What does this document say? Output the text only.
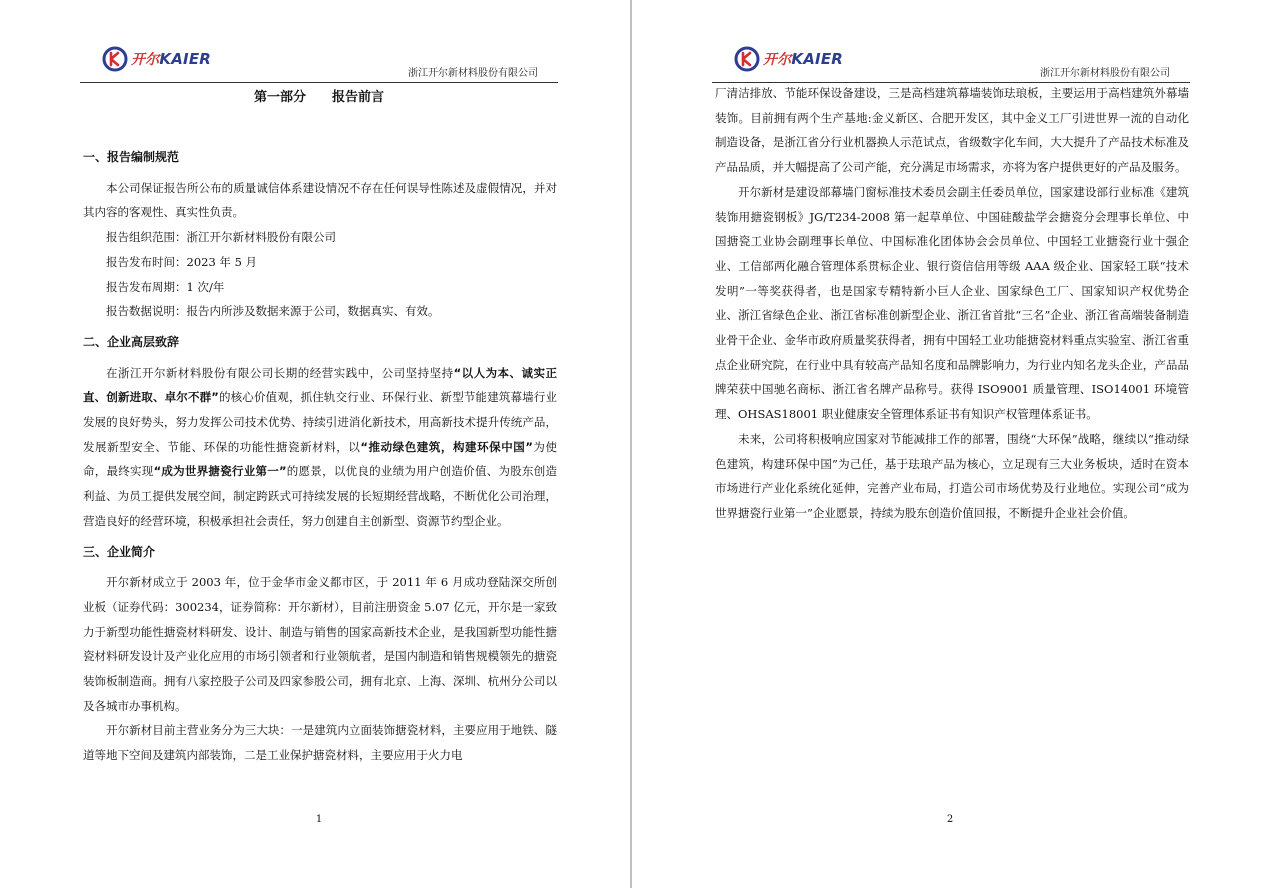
开尔KAIER
浙江开尔新材料股份有限公司
第一部分　　报告前言
一、报告编制规范

本公司保证报告所公布的质量诚信体系建设情况不存在任何误导性陈述及虚假情况，并对其内容的客观性、真实性负责。

报告组织范围：浙江开尔新材料股份有限公司

报告发布时间：2023 年 5 月

报告发布周期：1 次/年

报告数据说明：报告内所涉及数据来源于公司，数据真实、有效。

二、企业高层致辞

在浙江开尔新材料股份有限公司长期的经营实践中，公司坚持坚持“以人为本、诚实正直、创新进取、卓尔不群”的核心价值观，抓住轨交行业、环保行业、新型节能建筑幕墙行业发展的良好势头，努力发挥公司技术优势、持续引进消化新技术，用高新技术提升传统产品，发展新型安全、节能、环保的功能性搪瓷新材料，以“推动绿色建筑，构建环保中国”为使命，最终实现“成为世界搪瓷行业第一”的愿景，以优良的业绩为用户创造价值、为股东创造利益、为员工提供发展空间，制定跨跃式可持续发展的长短期经营战略，不断优化公司治理，营造良好的经营环境，积极承担社会责任，努力创建自主创新型、资源节约型企业。

三、企业简介

开尔新材成立于 2003 年，位于金华市金义都市区，于 2011 年 6 月成功登陆深交所创业板（证券代码：300234，证券简称：开尔新材），目前注册资金 5.07 亿元，开尔是一家致力于新型功能性搪瓷材料研发、设计、制造与销售的国家高新技术企业，是我国新型功能性搪瓷材料研发设计及产业化应用的市场引领者和行业领航者，是国内制造和销售规模领先的搪瓷装饰板制造商。拥有八家控股子公司及四家参股公司，拥有北京、上海、深圳、杭州分公司以及各城市办事机构。

开尔新材目前主营业务分为三大块：一是建筑内立面装饰搪瓷材料，主要应用于地铁、隧道等地下空间及建筑内部装饰，二是工业保护搪瓷材料，主要应用于火力电

1
开尔KAIER
浙江开尔新材料股份有限公司

厂清洁排放、节能环保设备建设，三是高档建筑幕墙装饰珐琅板，主要运用于高档建筑外幕墙装饰。目前拥有两个生产基地:金义新区、合肥开发区，其中金义工厂引进世界一流的自动化制造设备，是浙江省分行业机器换人示范试点，省级数字化车间，大大提升了产品技术标准及产品品质，并大幅提高了公司产能，充分满足市场需求，亦将为客户提供更好的产品及服务。

开尔新材是建设部幕墙门窗标准技术委员会副主任委员单位，国家建设部行业标准《建筑装饰用搪瓷钢板》JG/T234-2008 第一起草单位、中国硅酸盐学会搪瓷分会理事长单位、中国搪瓷工业协会副理事长单位、中国标准化团体协会会员单位、中国轻工业搪瓷行业十强企业、工信部两化融合管理体系贯标企业、银行资信信用等级 AAA 级企业、国家轻工联“技术发明”一等奖获得者，也是国家专精特新小巨人企业、国家绿色工厂、国家知识产权优势企业、浙江省绿色企业、浙江省标准创新型企业、浙江省首批“三名”企业、浙江省高端装备制造业骨干企业、金华市政府质量奖获得者，拥有中国轻工业功能搪瓷材料重点实验室、浙江省重点企业研究院，在行业中具有较高产品知名度和品牌影响力，为行业内知名龙头企业，产品品牌荣获中国驰名商标、浙江省名牌产品称号。获得 ISO9001 质量管理、ISO14001 环境管理、OHSAS18001 职业健康安全管理体系证书有知识产权管理体系证书。

未来，公司将积极响应国家对节能减排工作的部署，围绕“大环保”战略，继续以“推动绿色建筑，构建环保中国”为己任，基于珐琅产品为核心，立足现有三大业务板块，适时在资本市场进行产业化系统化延伸，完善产业布局，打造公司市场优势及行业地位。实现公司“成为世界搪瓷行业第一”企业愿景，持续为股东创造价值回报，不断提升企业社会价值。

2
